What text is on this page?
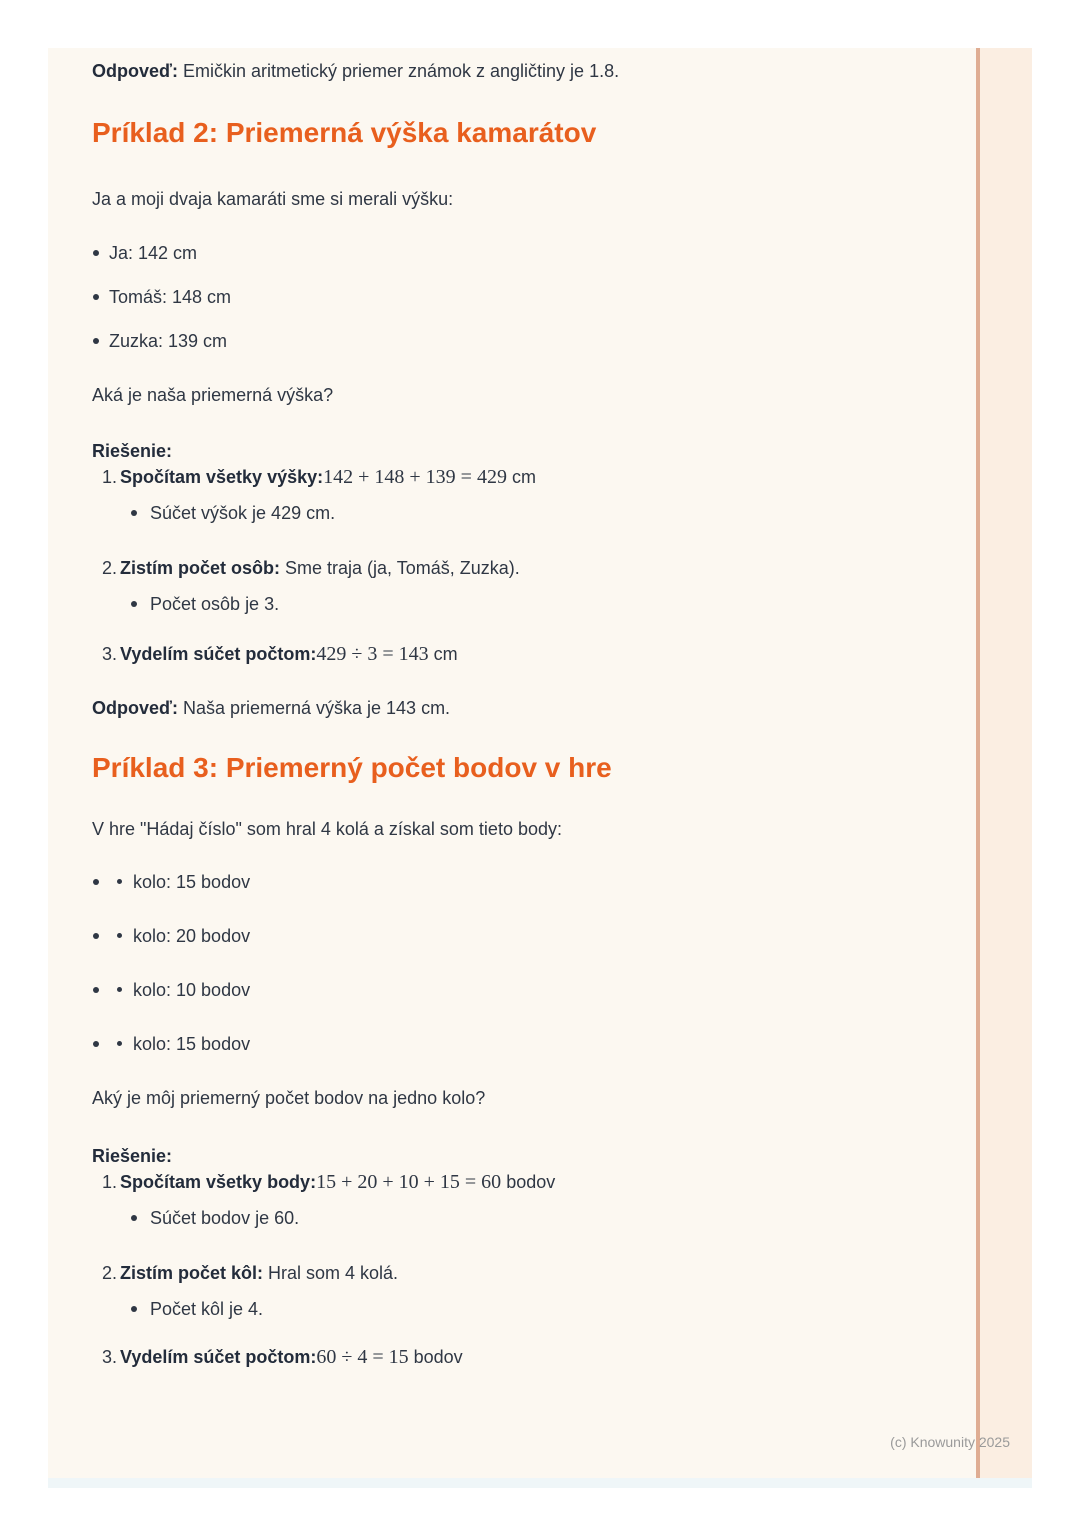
Odpoveď: Emičkin aritmetický priemer známok z angličtiny je 1.8.

Príklad 2: Priemerná výška kamarátov

Ja a moji dvaja kamaráti sme si merali výšku:

Ja: 142 cm
Tomáš: 148 cm
Zuzka: 139 cm

Aká je naša priemerná výška?

Riešenie:

1. Spočítam všetky výšky:142 + 148 + 139 = 429 cm
Súčet výšok je 429 cm.
2. Zistím počet osôb: Sme traja (ja, Tomáš, Zuzka).
Počet osôb je 3.
3. Vydelím súčet počtom:429 ÷ 3 = 143 cm

Odpoveď: Naša priemerná výška je 143 cm.

Príklad 3: Priemerný počet bodov v hre

V hre "Hádaj číslo" som hral 4 kolá a získal som tieto body:

kolo: 15 bodov
kolo: 20 bodov
kolo: 10 bodov
kolo: 15 bodov

Aký je môj priemerný počet bodov na jedno kolo?

Riešenie:

1. Spočítam všetky body:15 + 20 + 10 + 15 = 60 bodov
Súčet bodov je 60.
2. Zistím počet kôl: Hral som 4 kolá.
Počet kôl je 4.
3. Vydelím súčet počtom:60 ÷ 4 = 15 bodov
(c) Knowunity 2025
